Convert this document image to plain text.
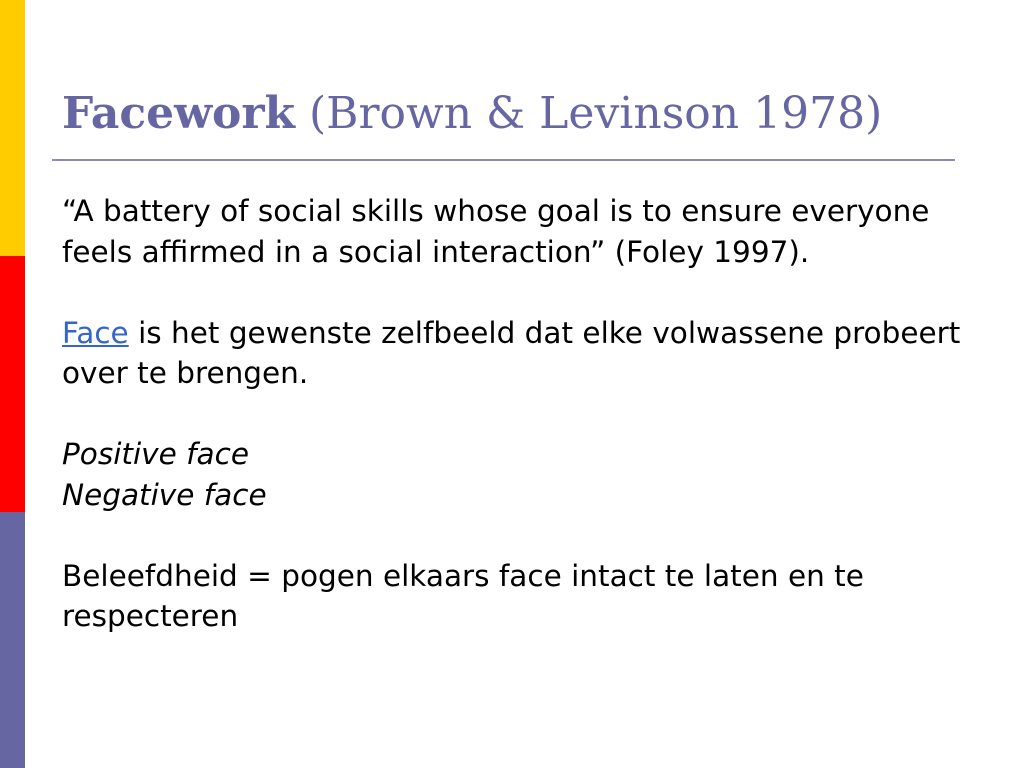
Facework (Brown & Levinson 1978)

“A battery of social skills whose goal is to ensure everyone feels affirmed in a social interaction” (Foley 1997).

Face is het gewenste zelfbeeld dat elke volwassene probeert over te brengen.

Positive face

Negative face

Beleefdheid = pogen elkaars face intact te laten en te respecteren
